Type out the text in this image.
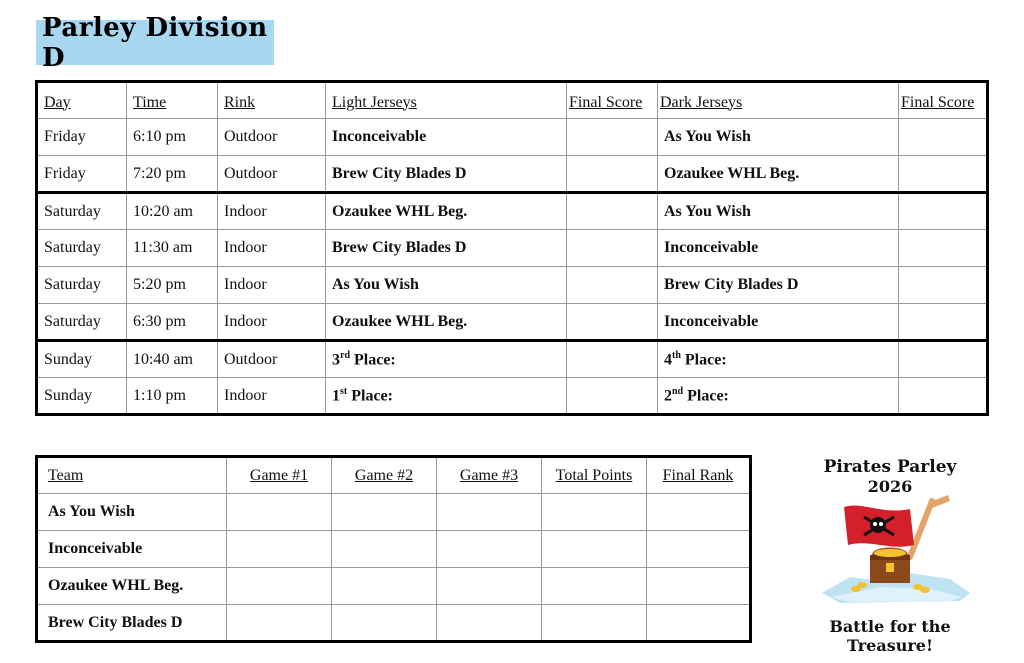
Parley Division D
Day	Time	Rink	Light Jerseys	Final Score	Dark Jerseys	Final Score
Friday	6:10 pm	Outdoor	Inconceivable		As You Wish	
Friday	7:20 pm	Outdoor	Brew City Blades D		Ozaukee WHL Beg.	
Saturday	10:20 am	Indoor	Ozaukee WHL Beg.		As You Wish	
Saturday	11:30 am	Indoor	Brew City Blades D		Inconceivable	
Saturday	5:20 pm	Indoor	As You Wish		Brew City Blades D	
Saturday	6:30 pm	Indoor	Ozaukee WHL Beg.		Inconceivable	
Sunday	10:40 am	Outdoor	3rd Place:		4th Place:	
Sunday	1:10 pm	Indoor	1st Place:		2nd Place:	
Team	Game #1	Game #2	Game #3	Total Points	Final Rank
As You Wish					
Inconceivable					
Ozaukee WHL Beg.					
Brew City Blades D					
Pirates Parley
2026
Battle for the Treasure!
